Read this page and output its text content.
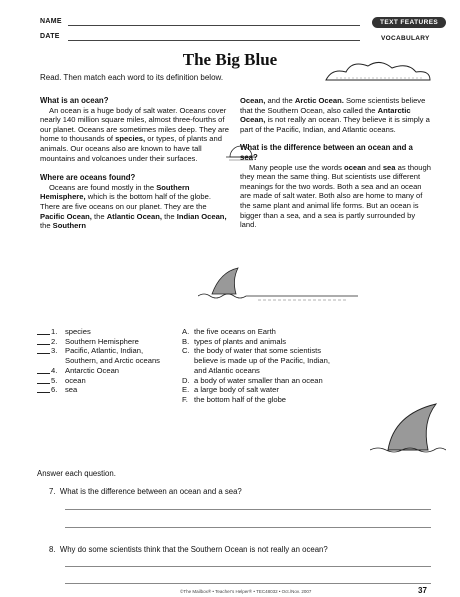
NAME
DATE
TEXT FEATURES
VOCABULARY
The Big Blue
Read. Then match each word to its definition below.
What is an ocean?

An ocean is a huge body of salt water. Oceans cover nearly 140 million square miles, almost three-fourths of our planet. Oceans are sometimes miles deep. They are home to thousands of species, or types, of plants and animals. Our oceans also are known to have tall mountains and volcanoes under their surfaces.

Where are oceans found?

Oceans are found mostly in the Southern Hemisphere, which is the bottom half of the globe. There are five oceans on our planet. They are the Pacific Ocean, the Atlantic Ocean, the Indian Ocean, the Southern

Ocean, and the Arctic Ocean. Some scientists believe that the Southern Ocean, also called the Antarctic Ocean, is not really an ocean. They believe it is simply a part of the Pacific, Indian, and Atlantic oceans.

What is the difference between an ocean and a sea?

Many people use the words ocean and sea as though they mean the same thing. But scientists use different meanings for the two words. Both a sea and an ocean are made of salt water. Both also are home to many of the same plant and animal life forms. But an ocean is bigger than a sea, and a sea is partly surrounded by land.

1.	species
2.	Southern Hemisphere
3.	Pacific, Atlantic, Indian, Southern, and Arctic oceans
4.	Antarctic Ocean
5.	ocean
6.	sea
A. the five oceans on Earth
B. types of plants and animals
C. the body of water that some scientists believe is made up of the Pacific, Indian, and Atlantic oceans
D. a body of water smaller than an ocean
E. a large body of salt water
F. the bottom half of the globe
Answer each question.
7. What is the difference between an ocean and a sea?
8. Why do some scientists think that the Southern Ocean is not really an ocean?
©The Mailbox® • Teacher's Helper® • TEC48032 • Oct./Nov. 2007	37
